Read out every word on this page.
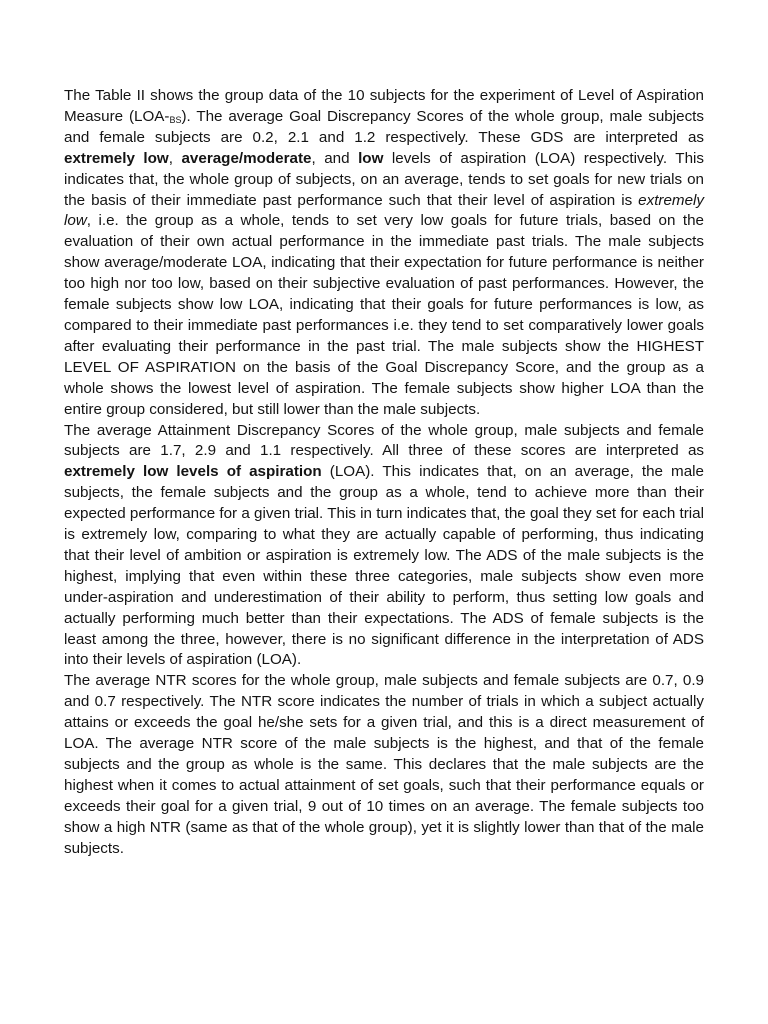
The Table II shows the group data of the 10 subjects for the experiment of Level of Aspiration Measure $(LOA-_{BS})$. The average Goal Discrepancy Scores of the whole group, male subjects and female subjects are 0.2, 2.1 and 1.2 respectively. These GDS are interpreted as extremely low, average/moderate, and low levels of aspiration (LOA) respectively. This indicates that, the whole group of subjects, on an average, tends to set goals for new trials on the basis of their immediate past performance such that their level of aspiration is extremely low, i.e. the group as a whole, tends to set very low goals for future trials, based on the evaluation of their own actual performance in the immediate past trials. The male subjects show average/moderate LOA, indicating that their expectation for future performance is neither too high nor too low, based on their subjective evaluation of past performances. However, the female subjects show low LOA, indicating that their goals for future performances is low, as compared to their immediate past performances i.e. they tend to set comparatively lower goals after evaluating their performance in the past trial. The male subjects show the HIGHEST LEVEL OF ASPIRATION on the basis of the Goal Discrepancy Score, and the group as a whole shows the lowest level of aspiration. The female subjects show higher LOA than the entire group considered, but still lower than the male subjects.

The average Attainment Discrepancy Scores of the whole group, male subjects and female subjects are 1.7, 2.9 and 1.1 respectively. All three of these scores are interpreted as extremely low levels of aspiration (LOA). This indicates that, on an average, the male subjects, the female subjects and the group as a whole, tend to achieve more than their expected performance for a given trial. This in turn indicates that, the goal they set for each trial is extremely low, comparing to what they are actually capable of performing, thus indicating that their level of ambition or aspiration is extremely low. The ADS of the male subjects is the highest, implying that even within these three categories, male subjects show even more under-aspiration and underestimation of their ability to perform, thus setting low goals and actually performing much better than their expectations. The ADS of female subjects is the least among the three, however, there is no significant difference in the interpretation of ADS into their levels of aspiration (LOA).

The average NTR scores for the whole group, male subjects and female subjects are 0.7, 0.9 and 0.7 respectively. The NTR score indicates the number of trials in which a subject actually attains or exceeds the goal he/she sets for a given trial, and this is a direct measurement of LOA. The average NTR score of the male subjects is the highest, and that of the female subjects and the group as whole is the same. This declares that the male subjects are the highest when it comes to actual attainment of set goals, such that their performance equals or exceeds their goal for a given trial, 9 out of 10 times on an average. The female subjects too show a high NTR (same as that of the whole group), yet it is slightly lower than that of the male subjects.
